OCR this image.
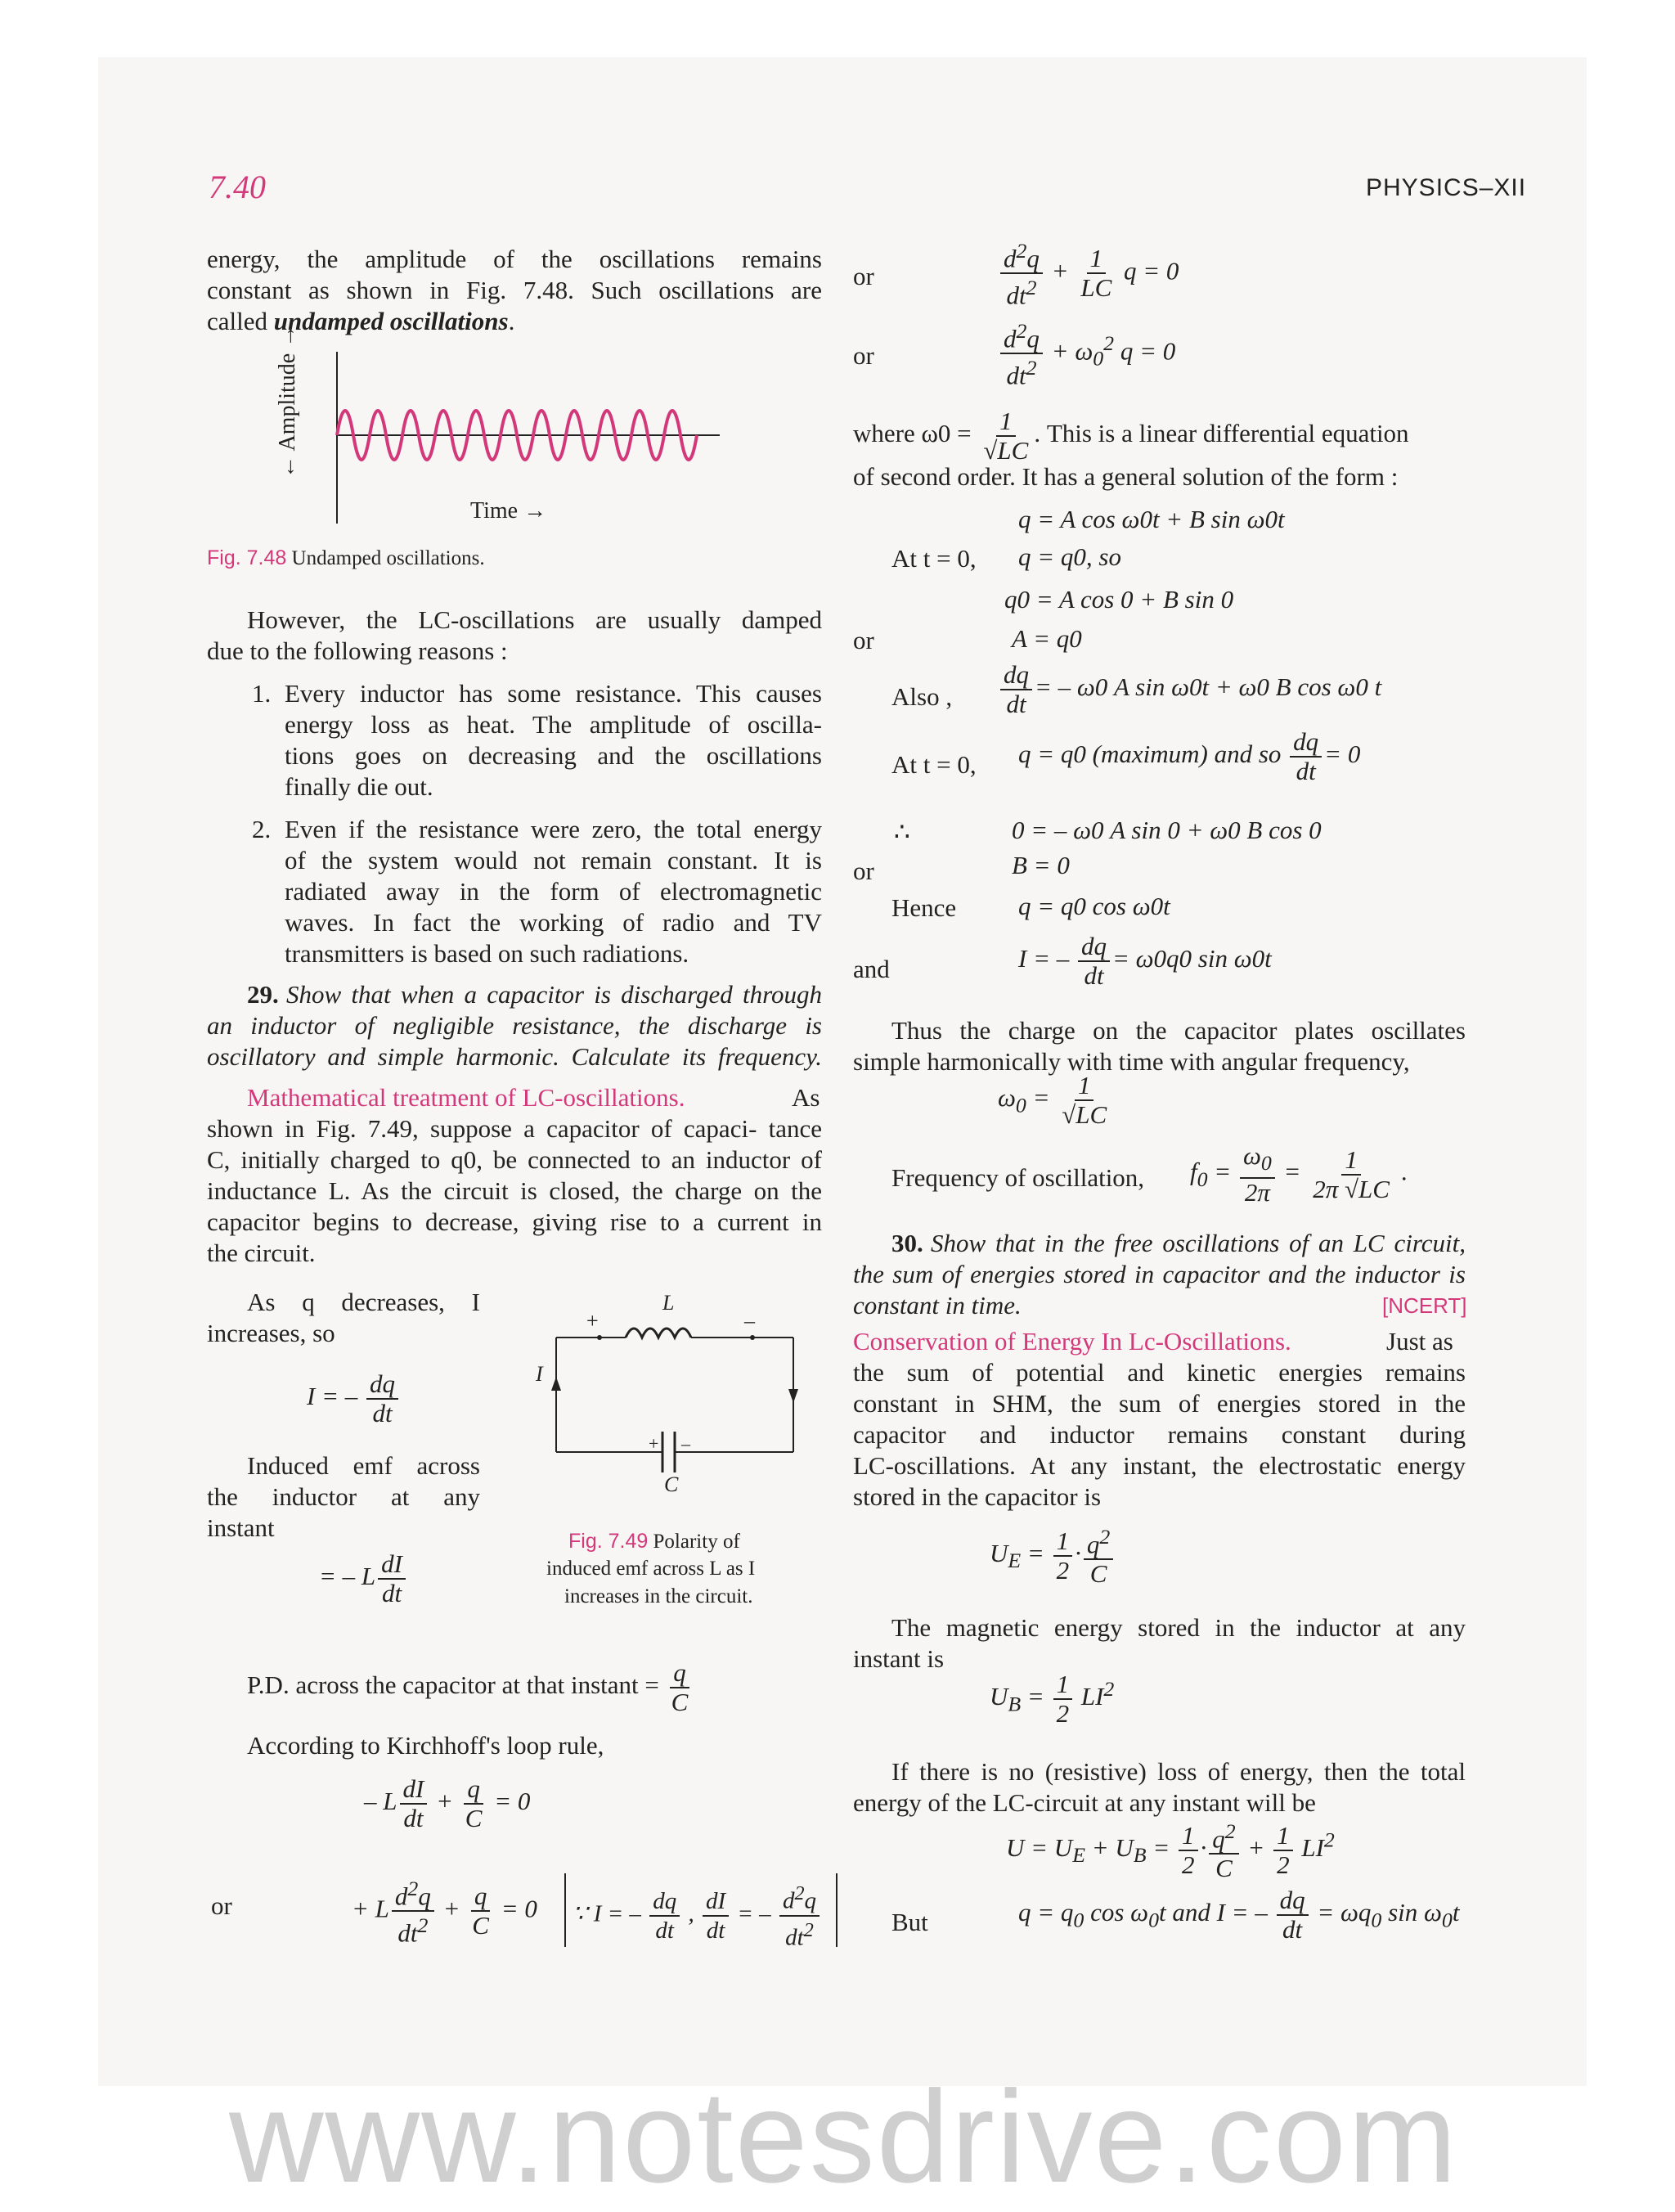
7.40	PHYSICS–XII
energy, the amplitude of the oscillations remains
constant as shown in Fig. 7.48. Such oscillations are
called undamped oscillations.
← Amplitude →
Time →
Fig. 7.48 Undamped oscillations.
However, the LC-oscillations are usually damped
due to the following reasons :
1. Every inductor has some resistance. This causes
energy loss as heat. The amplitude of oscilla-
tions goes on decreasing and the oscillations
finally die out.
2. Even if the resistance were zero, the total energy
of the system would not remain constant. It is
radiated away in the form of electromagnetic
waves. In fact the working of radio and TV
transmitters is based on such radiations.
29. Show that when a capacitor is discharged through
an inductor of negligible resistance, the discharge is
oscillatory and simple harmonic. Calculate its frequency.
Mathematical treatment of LC-oscillations.	As
shown in Fig. 7.49, suppose a capacitor of capaci- tance
C, initially charged to q0, be connected to an inductor of
inductance L. As the circuit is closed, the charge on the
capacitor begins to decrease, giving rise to a current in
the circuit.
As q decreases, I
increases, so
I = – $\frac{dq}{dt}$
Induced emf across
the inductor at any
instant
= – L $\frac{dI}{dt}$
L
+	–
I
+ –
C
Fig. 7.49 Polarity of
induced emf across L as I
increases in the circuit.
P.D. across the capacitor at that $instant = \frac{q}{C}$
According to Kirchhoff's loop rule,
– L $\frac{dI}{dt} + \frac{q}{C} = 0$
or	+ L $\frac{d^2q}{dt^2} + \frac{q}{C} = 0$ ∵ I = – $\frac{dq}{dt}$ , $\frac{dI}{dt}$ = – $\frac{d^2q}{dt^2}$
or	$\frac{d^2q}{dt^2} + \frac{1}{LC}$ q = 0
or	$\frac{d^2q}{dt^2} + \omega_0^2$ q = 0
where $\omega 0 = \frac{1}{√LC}$ . This is a linear differential equation
of second order. It has a general solution of the form :
q = A cos ω0t + B sin ω0t
At t = 0, q = q0, so
q0 = A cos 0 + B sin 0
or	A = q0
Also , $\frac{dq}{dt}$ = – ω0 A sin ω0t + ω0 B cos ω0 t
At t = 0, q = q0 (maximum) and so $\frac{dq}{dt} = 0$
∴	0 = – ω0 A sin 0 + ω0 B cos 0
or	B = 0
Hence q = q0 cos ω0t
and	I = – $\frac{dq}{dt} = \omega 0q0$ sin ω0t
Thus the charge on the capacitor plates oscillates
simple harmonically with time with angular frequency,
$\omega_0 = \frac{1}{√LC}$
Frequency of oscillation, $f_0 = \frac{\omega_0}{2\pi} = \frac{1}{2\pi √LC}$ .
30. Show that in the free oscillations of an LC circuit,
the sum of energies stored in capacitor and the inductor is
constant in time.	[NCERT]
Conservation of Energy In Lc-Oscillations.	Just as
the sum of potential and kinetic energies remains
constant in SHM, the sum of energies stored in the
capacitor and inductor remains constant during
LC-oscillations. At any instant, the electrostatic energy
stored in the capacitor is
$U_E = \frac{1}{2} \cdot \frac{q^2}{C}$
The magnetic energy stored in the inductor at any
instant is
$U_B = \frac{1}{2} LI^2$
If there is no (resistive) loss of energy, then the total
energy of the LC-circuit at any instant will be
$U = U_E + U_B = \frac{1}{2} \cdot \frac{q^2}{C} + \frac{1}{2} LI^2$
But	$q = q_0$ $\cos \omega_0t$ and I = – $\frac{dq}{dt} = \omega q_0$ $\sin \omega_0t$
www.notesdrive.com
